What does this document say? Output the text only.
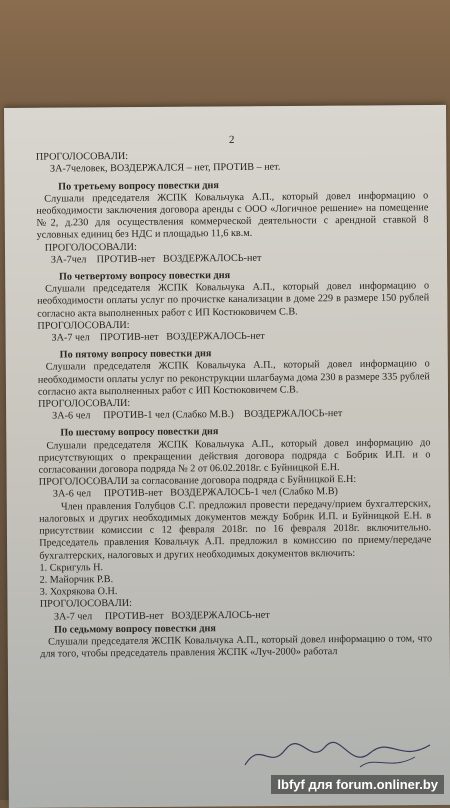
2
ПРОГОЛОСОВАЛИ:
ЗА-7человек, ВОЗДЕРЖАЛСЯ – нет, ПРОТИВ – нет.
По третьему вопросу повестки дня
Слушали председателя ЖСПК Ковальчука А.П., который довел информацию о необходимости заключения договора аренды с ООО «Логичное решение» на помещение №2, д.230 для осуществления коммерческой деятельности с арендной ставкой 8 условных единиц без НДС и площадью 11,6 кв.м.
ПРОГОЛОСОВАЛИ:
ЗА-7чел    ПРОТИВ-нет   ВОЗДЕРЖАЛОСЬ-нет
По четвертому вопросу повестки дня
Слушали председателя ЖСПК Ковальчука А.П., который довел информацию о необходимости оплаты услуг по прочистке канализации в доме 229 в размере 150 рублей согласно акта выполненных работ с ИП Костюковичем С.В.
ПРОГОЛОСОВАЛИ:
ЗА-7 чел    ПРОТИВ-нет   ВОЗДЕРЖАЛОСЬ-нет
По пятому вопросу повестки дня
Слушали председателя ЖСПК Ковальчука А.П., который довел информацию о необходимости оплаты услуг по реконструкции шлагбаума дома 230 в размере 335 рублей согласно акта выполненных работ с ИП Костюковичем С.В.
ПРОГОЛОСОВАЛИ:
ЗА-6 чел     ПРОТИВ-1 чел (Слабко М.В.)    ВОЗДЕРЖАЛОСЬ-нет
По шестому вопросу повестки дня
Слушали председателя ЖСПК Ковальчука А.П., который довел информацию до присутствующих о прекращении действия договора подряда с Бобрик И.П. и о согласовании договора подряда № 2 от 06.02.2018г. с Буйницкой Е.Н.
ПРОГОЛОСОВАЛИ за согласование договора подряда с Буйницкой Е.Н:
ЗА-6 чел     ПРОТИВ-нет   ВОЗДЕРЖАЛОСЬ-1 чел (Слабко М.В)
Член правления Голубцов С.Г. предложил провести передачу/прием бухгалтерских, налоговых и других необходимых документов между Бобрик И.П. и Буйницкой Е.Н. в присутствии комиссии с 12 февраля 2018г. по 16 февраля 2018г. включительно. Председатель правления Ковальчук А.П. предложил в комиссию по приему/передаче бухгалтерских, налоговых и других необходимых документов включить:
1. Скригуль Н.
2. Майорчик Р.В.
3. Хохрякова О.Н.
ПРОГОЛОСОВАЛИ:
ЗА-7 чел     ПРОТИВ-нет   ВОЗДЕРЖАЛОСЬ-нет
По седьмому вопросу повестки дня
Слушали председателя ЖСПК Ковальчука А.П., который довел информацию о том, что для того, чтобы председатель правления ЖСПК «Луч-2000» работал
lbfyf для forum.onliner.by
